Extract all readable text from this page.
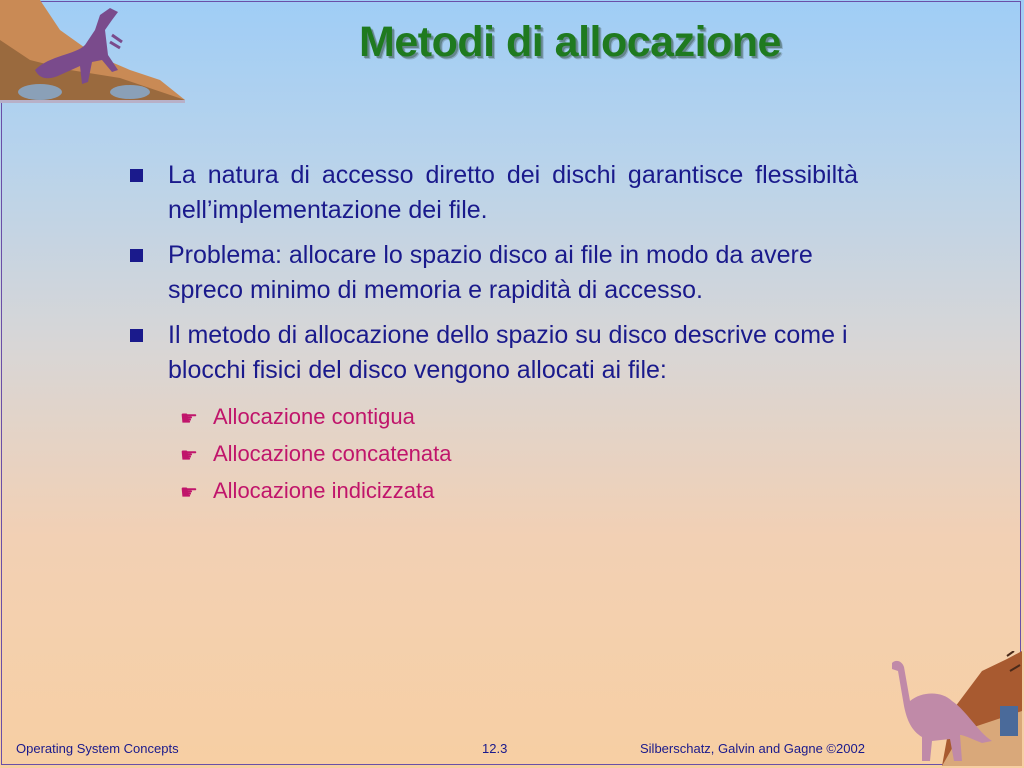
Metodi di allocazione
La natura di accesso diretto dei dischi garantisce flessibiltà nell’implementazione dei file.
Problema: allocare lo spazio disco ai file in modo da avere spreco minimo di memoria e rapidità di accesso.
Il metodo di allocazione dello spazio su disco descrive come i blocchi fisici del disco vengono allocati ai file:
☛ Allocazione contigua
☛ Allocazione concatenata
☛ Allocazione indicizzata
Operating System Concepts	12.3	Silberschatz, Galvin and Gagne ©2002
